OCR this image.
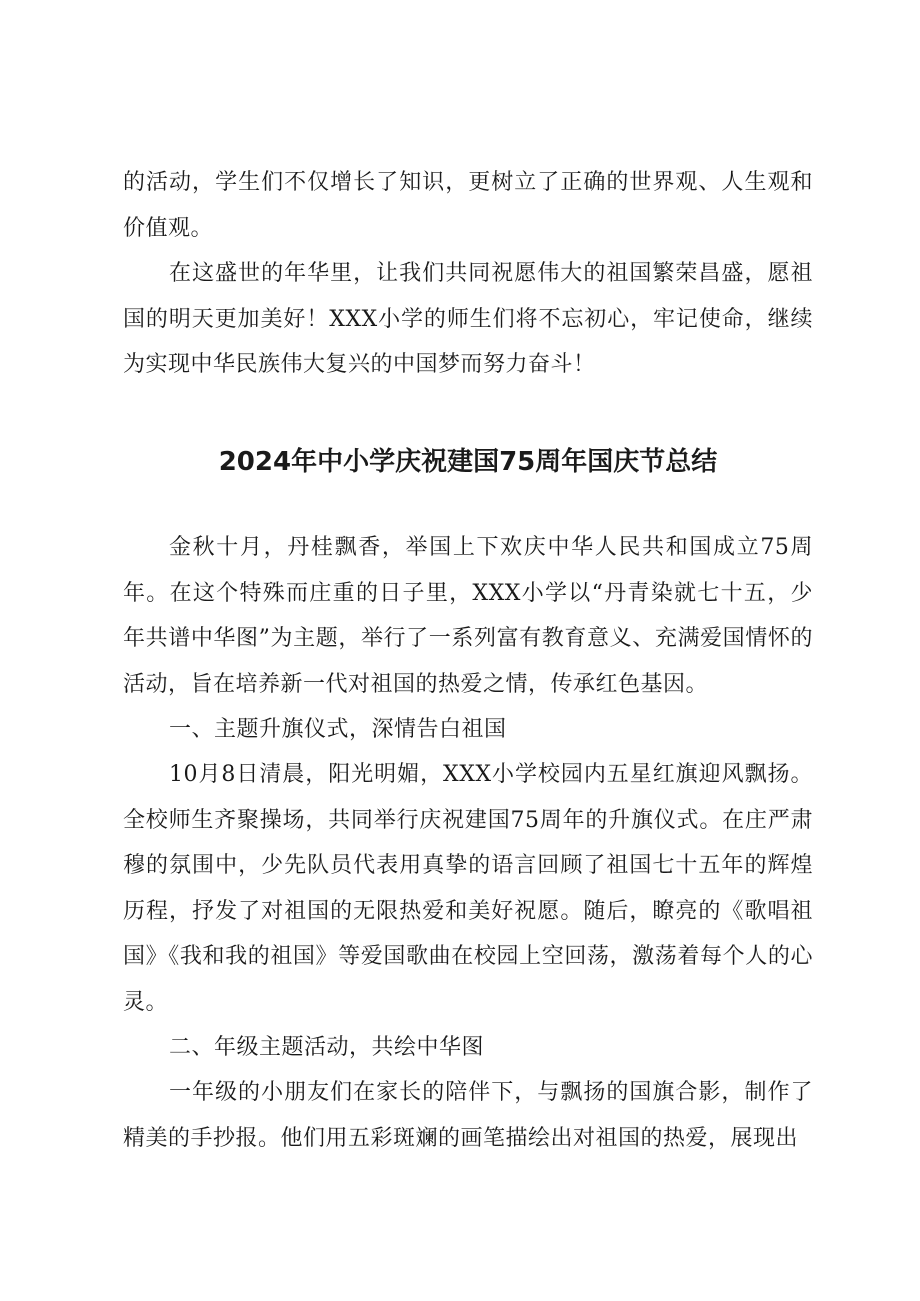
的活动，学生们不仅增长了知识，更树立了正确的世界观、人生观和价值观。

在这盛世的年华里，让我们共同祝愿伟大的祖国繁荣昌盛，愿祖国的明天更加美好！XXX小学的师生们将不忘初心，牢记使命，继续为实现中华民族伟大复兴的中国梦而努力奋斗！

2024年中小学庆祝建国75周年国庆节总结

金秋十月，丹桂飘香，举国上下欢庆中华人民共和国成立75周年。在这个特殊而庄重的日子里，XXX小学以“丹青染就七十五，少年共谱中华图”为主题，举行了一系列富有教育意义、充满爱国情怀的活动，旨在培养新一代对祖国的热爱之情，传承红色基因。

一、主题升旗仪式，深情告白祖国

10月8日清晨，阳光明媚，XXX小学校园内五星红旗迎风飘扬。全校师生齐聚操场，共同举行庆祝建国75周年的升旗仪式。在庄严肃穆的氛围中，少先队员代表用真挚的语言回顾了祖国七十五年的辉煌历程，抒发了对祖国的无限热爱和美好祝愿。随后，瞭亮的《歌唱祖国》《我和我的祖国》等爱国歌曲在校园上空回荡，激荡着每个人的心灵。

二、年级主题活动，共绘中华图

一年级的小朋友们在家长的陪伴下，与飘扬的国旗合影，制作了精美的手抄报。他们用五彩斑斓的画笔描绘出对祖国的热爱，展现出
